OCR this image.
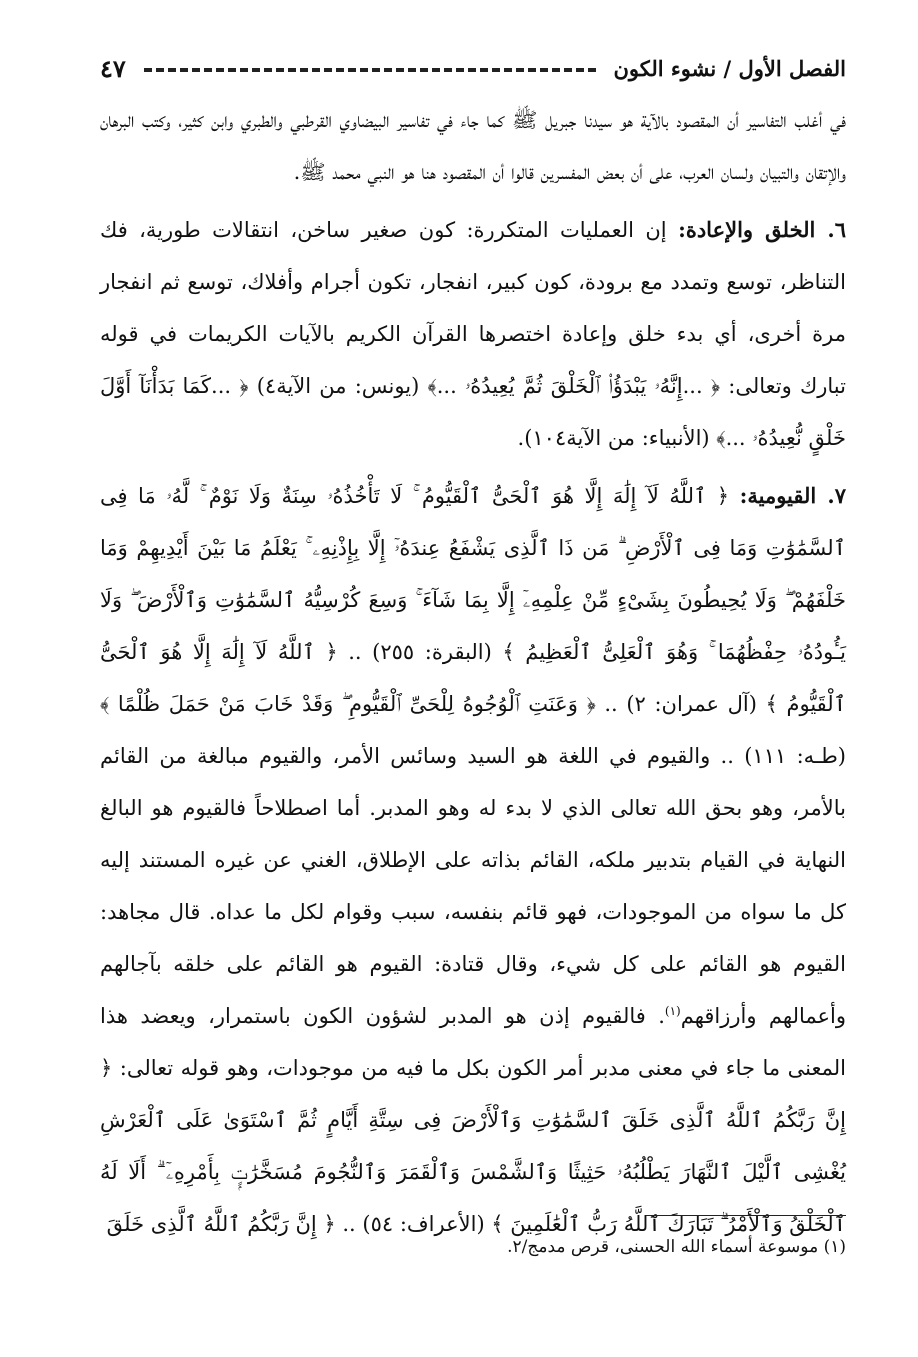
الفصل الأول / نشوء الكون
٤٧

في أغلب التفاسير أن المقصود بالآية هو سيدنا جبريل ﷺ كما جاء في تفاسير البيضاوي القرطبي والطبري وابن كثير، وكتب البرهان والإتقان والتبيان ولسان العرب، على أن بعض المفسرين قالوا أن المقصود هنا هو النبي محمد ﷺ.

٦. الخلق والإعادة: إن العمليات المتكررة: كون صغير ساخن، انتقالات طورية، فك التناظر، توسع وتمدد مع برودة، كون كبير، انفجار، تكون أجرام وأفلاك، توسع ثم انفجار مرة أخرى، أي بدء خلق وإعادة اختصرها القرآن الكريم بالآيات الكريمات في قوله تبارك وتعالى: ﴿ ...إِنَّهُۥ يَبْدَؤُا۟ ٱلْخَلْقَ ثُمَّ يُعِيدُهُۥ ...﴾ (يونس: من الآية٤) ﴿ ...كَمَا بَدَأْنَآ أَوَّلَ خَلْقٍ نُّعِيدُهُۥ ...﴾ (الأنبياء: من الآية١٠٤).

٧. القيومية: ﴿ ٱللَّهُ لَآ إِلَٰهَ إِلَّا هُوَ ٱلْحَىُّ ٱلْقَيُّومُ ۚ لَا تَأْخُذُهُۥ سِنَةٌ وَلَا نَوْمٌ ۚ لَّهُۥ مَا فِى ٱلسَّمَٰوَٰتِ وَمَا فِى ٱلْأَرْضِ ۗ مَن ذَا ٱلَّذِى يَشْفَعُ عِندَهُۥٓ إِلَّا بِإِذْنِهِۦ ۚ يَعْلَمُ مَا بَيْنَ أَيْدِيهِمْ وَمَا خَلْفَهُمْ ۖ وَلَا يُحِيطُونَ بِشَىْءٍ مِّنْ عِلْمِهِۦٓ إِلَّا بِمَا شَآءَ ۚ وَسِعَ كُرْسِيُّهُ ٱلسَّمَٰوَٰتِ وَٱلْأَرْضَ ۖ وَلَا يَـُٔودُهُۥ حِفْظُهُمَا ۚ وَهُوَ ٱلْعَلِىُّ ٱلْعَظِيمُ ﴾ (البقرة: ٢٥٥) .. ﴿ ٱللَّهُ لَآ إِلَٰهَ إِلَّا هُوَ ٱلْحَىُّ ٱلْقَيُّومُ ﴾ (آل عمران: ٢) .. ﴿ وَعَنَتِ ٱلْوُجُوهُ لِلْحَىِّ ٱلْقَيُّومِ ۖ وَقَدْ خَابَ مَنْ حَمَلَ ظُلْمًا ﴾ (طـه: ١١١) .. والقيوم في اللغة هو السيد وسائس الأمر، والقيوم مبالغة من القائم بالأمر، وهو بحق الله تعالى الذي لا بدء له وهو المدبر. أما اصطلاحاً فالقيوم هو البالغ النهاية في القيام بتدبير ملكه، القائم بذاته على الإطلاق، الغني عن غيره المستند إليه كل ما سواه من الموجودات، فهو قائم بنفسه، سبب وقوام لكل ما عداه. قال مجاهد: القيوم هو القائم على كل شيء، وقال قتادة: القيوم هو القائم على خلقه بآجالهم وأعمالهم وأرزاقهم$^{(١)}$. فالقيوم إذن هو المدبر لشؤون الكون باستمرار، ويعضد هذا المعنى ما جاء في معنى مدبر أمر الكون بكل ما فيه من موجودات، وهو قوله تعالى: ﴿ إِنَّ رَبَّكُمُ ٱللَّهُ ٱلَّذِى خَلَقَ ٱلسَّمَٰوَٰتِ وَٱلْأَرْضَ فِى سِتَّةِ أَيَّامٍ ثُمَّ ٱسْتَوَىٰ عَلَى ٱلْعَرْشِ يُغْشِى ٱلَّيْلَ ٱلنَّهَارَ يَطْلُبُهُۥ حَثِيثًا وَٱلشَّمْسَ وَٱلْقَمَرَ وَٱلنُّجُومَ مُسَخَّرَٰتٍۭ بِأَمْرِهِۦٓ ۗ أَلَا لَهُ ٱلْخَلْقُ وَٱلْأَمْرُ ۗ تَبَارَكَ ٱللَّهُ رَبُّ ٱلْعَٰلَمِينَ ﴾ (الأعراف: ٥٤) .. ﴿ إِنَّ رَبَّكُمُ ٱللَّهُ ٱلَّذِى خَلَقَ

(١) موسوعة أسماء الله الحسنى، قرص مدمج/٢.
